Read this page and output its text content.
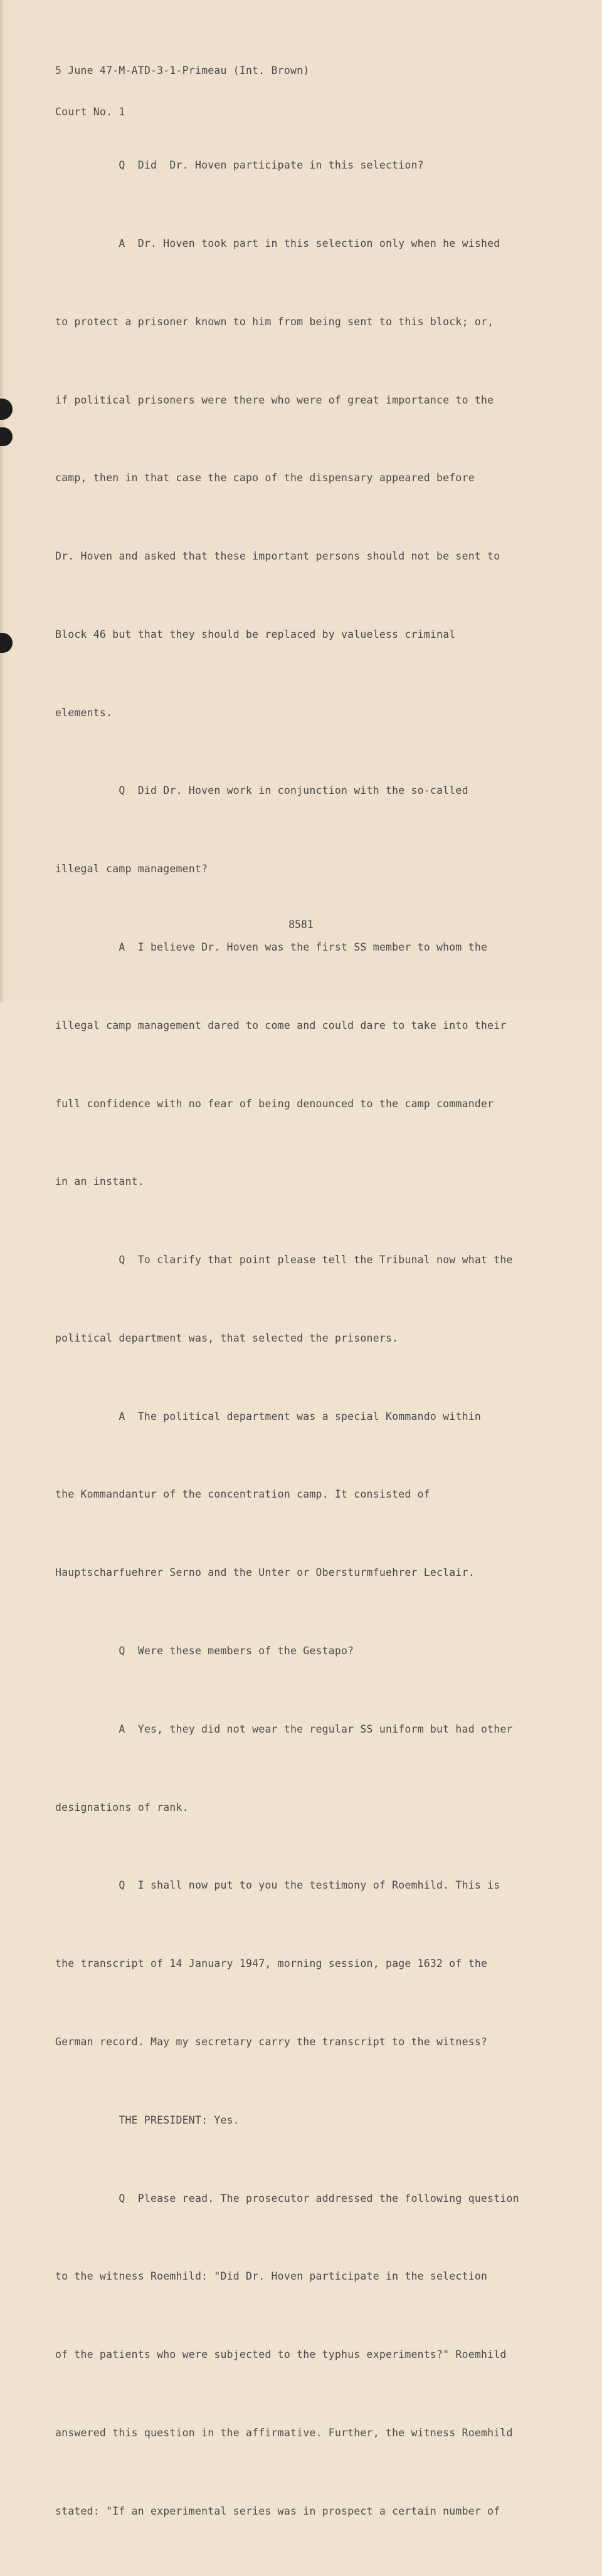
5 June 47-M-ATD-3-1-Primeau (Int. Brown)

Court No. 1

Q  Did  Dr. Hoven participate in this selection?

A  Dr. Hoven took part in this selection only when he wished

to protect a prisoner known to him from being sent to this block; or,

if political prisoners were there who were of great importance to the

camp, then in that case the capo of the dispensary appeared before

Dr. Hoven and asked that these important persons should not be sent to

Block 46 but that they should be replaced by valueless criminal

elements.

Q  Did Dr. Hoven work in conjunction with the so-called

illegal camp management?

A  I believe Dr. Hoven was the first SS member to whom the

illegal camp management dared to come and could dare to take into their

full confidence with no fear of being denounced to the camp commander

in an instant.

Q  To clarify that point please tell the Tribunal now what the

political department was, that selected the prisoners.

A  The political department was a special Kommando within

the Kommandantur of the concentration camp. It consisted of

Hauptscharfuehrer Serno and the Unter or Obersturmfuehrer Leclair.

Q  Were these members of the Gestapo?

A  Yes, they did not wear the regular SS uniform but had other

designations of rank.

Q  I shall now put to you the testimony of Roemhild. This is

the transcript of 14 January 1947, morning session, page 1632 of the

German record. May my secretary carry the transcript to the witness?

THE PRESIDENT: Yes.

Q  Please read. The prosecutor addressed the following question

to the witness Roemhild: "Did Dr. Hoven participate in the selection

of the patients who were subjected to the typhus experiments?" Roemhild

answered this question in the affirmative. Further, the witness Roemhild

stated: "If an experimental series was in prospect a certain number of

8581
